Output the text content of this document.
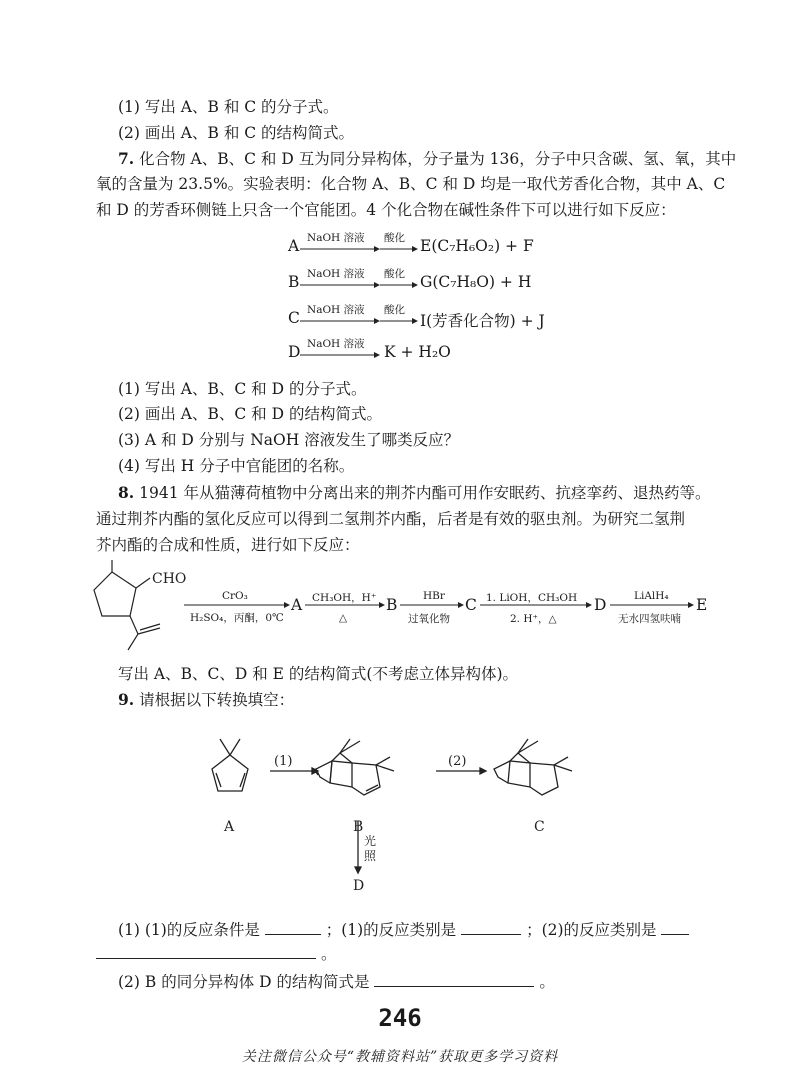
(1) 写出 A、B 和 C 的分子式。
(2) 画出 A、B 和 C 的结构简式。
7. 化合物 A、B、C 和 D 互为同分异构体，分子量为 136，分子中只含碳、氢、氧，其中
氧的含量为 23.5%。实验表明：化合物 A、B、C 和 D 均是一取代芳香化合物，其中 A、C
和 D 的芳香环侧链上只含一个官能团。4 个化合物在碱性条件下可以进行如下反应：
A NaOH 溶液 酸化 E(C₇H₆O₂) + F
B NaOH 溶液 酸化 G(C₇H₈O) + H
C NaOH 溶液 酸化
I(芳香化合物) + J
D NaOH 溶液 K + H₂O
(1) 写出 A、B、C 和 D 的分子式。
(2) 画出 A、B、C 和 D 的结构简式。
(3) A 和 D 分别与 NaOH 溶液发生了哪类反应？
(4) 写出 H 分子中官能团的名称。
8. 1941 年从猫薄荷植物中分离出来的荆芥内酯可用作安眠药、抗痉挛药、退热药等。
通过荆芥内酯的氢化反应可以得到二氢荆芥内酯，后者是有效的驱虫剂。为研究二氢荆
芥内酯的合成和性质，进行如下反应：
CHO
CrO₃
H₂SO₄，丙酮，0℃
A CH₃OH，H⁺
△
B HBr
过氧化物
C 1. LiOH，CH₃OH
2. H⁺，△
D	LiAlH₄
无水四氢呋喃
E
写出 A、B、C、D 和 E 的结构简式(不考虑立体异构体)。
9. 请根据以下转换填空：
(1)	(2)
A	B	C
光
照
D
(1) (1)的反应条件是	；(1)的反应类别是	；(2)的反应类别是
。
(2) B 的同分异构体 D 的结构简式是	。
246
关注微信公众号“教辅资料站”获取更多学习资料
